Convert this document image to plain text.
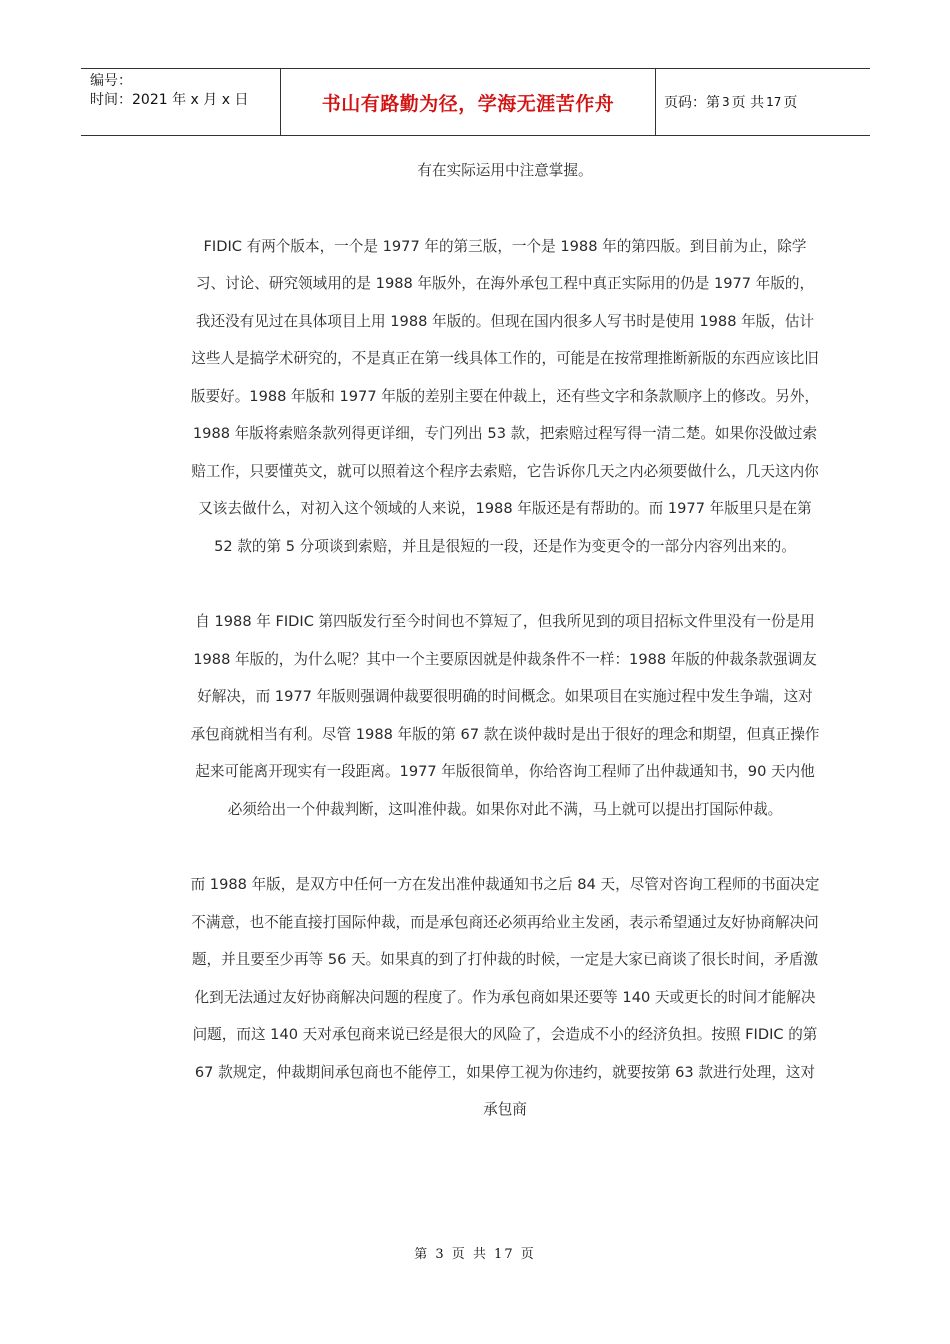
编号：
时间：2021 年 x 月 x 日	书山有路勤为径，学海无涯苦作舟	页码：第 3 页 共 17 页

有在实际运用中注意掌握。

FIDIC 有两个版本，一个是 1977 年的第三版，一个是 1988 年的第四版。到目前为止，除学习、讨论、研究领域用的是 1988 年版外，在海外承包工程中真正实际用的仍是 1977 年版的，我还没有见过在具体项目上用 1988 年版的。但现在国内很多人写书时是使用 1988 年版，估计这些人是搞学术研究的，不是真正在第一线具体工作的，可能是在按常理推断新版的东西应该比旧版要好。1988 年版和 1977 年版的差别主要在仲裁上，还有些文字和条款顺序上的修改。另外，1988 年版将索赔条款列得更详细，专门列出 53 款，把索赔过程写得一清二楚。如果你没做过索赔工作，只要懂英文，就可以照着这个程序去索赔，它告诉你几天之内必须要做什么，几天这内你又该去做什么，对初入这个领域的人来说，1988 年版还是有帮助的。而 1977 年版里只是在第 52 款的第 5 分项谈到索赔，并且是很短的一段，还是作为变更令的一部分内容列出来的。

自 1988 年 FIDIC 第四版发行至今时间也不算短了，但我所见到的项目招标文件里没有一份是用 1988 年版的，为什么呢？其中一个主要原因就是仲裁条件不一样：1988 年版的仲裁条款强调友好解决，而 1977 年版则强调仲裁要很明确的时间概念。如果项目在实施过程中发生争端，这对承包商就相当有利。尽管 1988 年版的第 67 款在谈仲裁时是出于很好的理念和期望，但真正操作起来可能离开现实有一段距离。1977 年版很简单，你给咨询工程师了出仲裁通知书，90 天内他必须给出一个仲裁判断，这叫准仲裁。如果你对此不满，马上就可以提出打国际仲裁。

而 1988 年版，是双方中任何一方在发出准仲裁通知书之后 84 天，尽管对咨询工程师的书面决定不满意，也不能直接打国际仲裁，而是承包商还必须再给业主发函，表示希望通过友好协商解决问题，并且要至少再等 56 天。如果真的到了打仲裁的时候，一定是大家已商谈了很长时间，矛盾激化到无法通过友好协商解决问题的程度了。作为承包商如果还要等 140 天或更长的时间才能解决问题，而这 140 天对承包商来说已经是很大的风险了，会造成不小的经济负担。按照 FIDIC 的第 67 款规定，仲裁期间承包商也不能停工，如果停工视为你违约，就要按第 63 款进行处理，这对承包商

第 3 页 共 17 页
